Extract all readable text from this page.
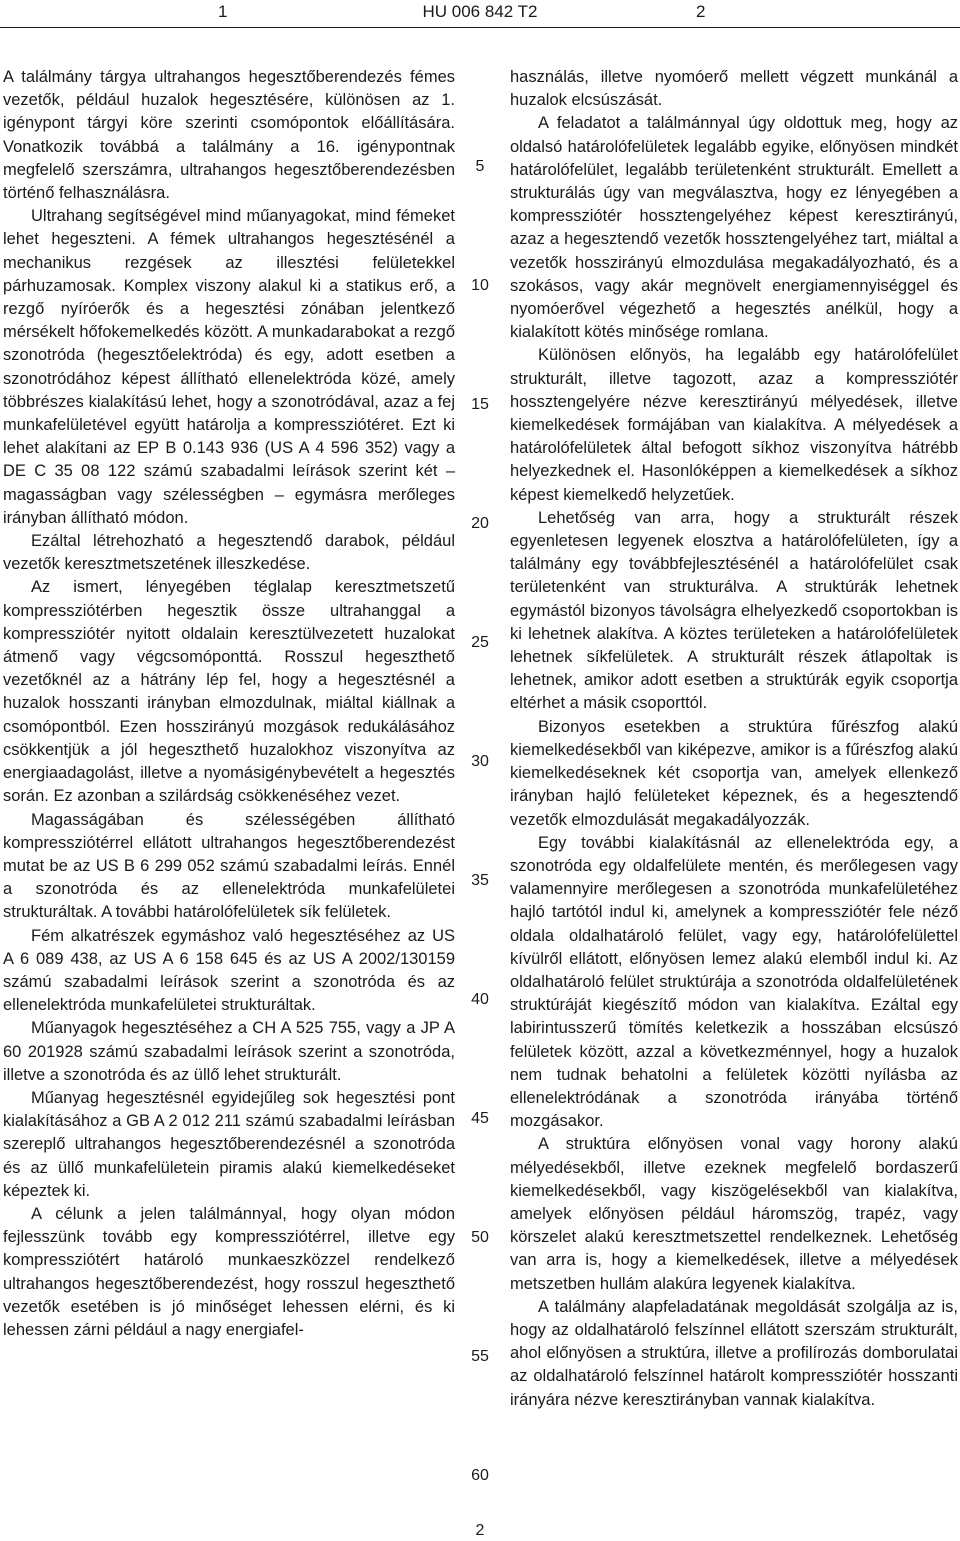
1	HU 006 842 T2	2

A találmány tárgya ultrahangos hegesztőberendezés fémes vezetők, például huzalok hegesztésére, különösen az 1. igénypont tárgyi köre szerinti csomópontok előállítására. Vonatkozik továbbá a találmány a 16. igénypontnak megfelelő szerszámra, ultrahangos hegesztőberendezésben történő felhasználásra.

Ultrahang segítségével mind műanyagokat, mind fémeket lehet hegeszteni. A fémek ultrahangos hegesztésénél a mechanikus rezgések az illesztési felületekkel párhuzamosak. Komplex viszony alakul ki a statikus erő, a rezgő nyíróerők és a hegesztési zónában jelentkező mérsékelt hőfokemelkedés között. A munkadarabokat a rezgő szonotróda (hegesztőelektróda) és egy, adott esetben a szonotródához képest állítható ellenelektróda közé, amely többrészes kialakítású lehet, hogy a szonotródával, azaz a fej munkafelületével együtt határolja a kompressziótéret. Ezt ki lehet alakítani az EP B 0.143 936 (US A 4 596 352) vagy a DE C 35 08 122 számú szabadalmi leírások szerint két – magasságban vagy szélességben – egymásra merőleges irányban állítható módon.

Ezáltal létrehozható a hegesztendő darabok, például vezetők keresztmetszetének illeszkedése.

Az ismert, lényegében téglalap keresztmetszetű kompressziótérben hegesztik össze ultrahanggal a kompressziótér nyitott oldalain keresztülvezetett huzalokat átmenő vagy végcsomóponttá. Rosszul hegeszthető vezetőknél az a hátrány lép fel, hogy a hegesztésnél a huzalok hosszanti irányban elmozdulnak, miáltal kiállnak a csomópontból. Ezen hosszirányú mozgások redukálásához csökkentjük a jól hegeszthető huzalokhoz viszonyítva az energiaadagolást, illetve a nyomásigénybevételt a hegesztés során. Ez azonban a szilárdság csökkenéséhez vezet.

Magasságában és szélességében állítható kompressziótérrel ellátott ultrahangos hegesztőberendezést mutat be az US B 6 299 052 számú szabadalmi leírás. Ennél a szonotróda és az ellenelektróda munkafelületei strukturáltak. A további határolófelületek sík felületek.

Fém alkatrészek egymáshoz való hegesztéséhez az US A 6 089 438, az US A 6 158 645 és az US A 2002/130159 számú szabadalmi leírások szerint a szonotróda és az ellenelektróda munkafelületei strukturáltak.

Műanyagok hegesztéséhez a CH A 525 755, vagy a JP A 60 201928 számú szabadalmi leírások szerint a szonotróda, illetve a szonotróda és az üllő lehet strukturált.

Műanyag hegesztésnél egyidejűleg sok hegesztési pont kialakításához a GB A 2 012 211 számú szabadalmi leírásban szereplő ultrahangos hegesztőberendezésnél a szonotróda és az üllő munkafelületein piramis alakú kiemelkedéseket képeztek ki.

A célunk a jelen találmánnyal, hogy olyan módon fejlesszünk tovább egy kompressziótérrel, illetve egy kompressziótért határoló munkaeszközzel rendelkező ultrahangos hegesztőberendezést, hogy rosszul hegeszthető vezetők esetében is jó minőséget lehessen elérni, és ki lehessen zárni például a nagy energiafel-

5
10
15
20
25
30
35
40
45
50
55
60

használás, illetve nyomóerő mellett végzett munkánál a huzalok elcsúszását.

A feladatot a találmánnyal úgy oldottuk meg, hogy az oldalsó határolófelületek legalább egyike, előnyösen mindkét határolófelület, legalább területenként strukturált. Emellett a strukturálás úgy van megválasztva, hogy ez lényegében a kompressziótér hossztengelyéhez képest keresztirányú, azaz a hegesztendő vezetők hossztengelyéhez tart, miáltal a vezetők hosszirányú elmozdulása megakadályozható, és a szokásos, vagy akár megnövelt energiamennyiséggel és nyomóerővel végezhető a hegesztés anélkül, hogy a kialakított kötés minősége romlana.

Különösen előnyös, ha legalább egy határolófelület strukturált, illetve tagozott, azaz a kompressziótér hossztengelyére nézve keresztirányú mélyedések, illetve kiemelkedések formájában van kialakítva. A mélyedések a határolófelületek által befogott síkhoz viszonyítva hátrébb helyezkednek el. Hasonlóképpen a kiemelkedések a síkhoz képest kiemelkedő helyzetűek.

Lehetőség van arra, hogy a strukturált részek egyenletesen legyenek elosztva a határolófelületen, így a találmány egy továbbfejlesztésénél a határolófelület csak területenként van strukturálva. A struktúrák lehetnek egymástól bizonyos távolságra elhelyezkedő csoportokban is ki lehetnek alakítva. A köztes területeken a határolófelületek lehetnek síkfelületek. A strukturált részek átlapoltak is lehetnek, amikor adott esetben a struktúrák egyik csoportja eltérhet a másik csoporttól.

Bizonyos esetekben a struktúra fűrészfog alakú kiemelkedésekből van kiképezve, amikor is a fűrészfog alakú kiemelkedéseknek két csoportja van, amelyek ellenkező irányban hajló felületeket képeznek, és a hegesztendő vezetők elmozdulását megakadályozzák.

Egy további kialakításnál az ellenelektróda egy, a szonotróda egy oldalfelülete mentén, és merőlegesen vagy valamennyire merőlegesen a szonotróda munkafelületéhez hajló tartótól indul ki, amelynek a kompressziótér fele néző oldala oldalhatároló felület, vagy egy, határolófelülettel kívülről ellátott, előnyösen lemez alakú elemből indul ki. Az oldalhatároló felület struktúrája a szonotróda oldalfelületének struktúráját kiegészítő módon van kialakítva. Ezáltal egy labirintusszerű tömítés keletkezik a hosszában elcsúszó felületek között, azzal a következménnyel, hogy a huzalok nem tudnak behatolni a felületek közötti nyílásba az ellenelektródának a szonotróda irányába történő mozgásakor.

A struktúra előnyösen vonal vagy horony alakú mélyedésekből, illetve ezeknek megfelelő bordaszerű kiemelkedésekből, vagy kiszögelésekből van kialakítva, amelyek előnyösen például háromszög, trapéz, vagy körszelet alakú keresztmetszettel rendelkeznek. Lehetőség van arra is, hogy a kiemelkedések, illetve a mélyedések metszetben hullám alakúra legyenek kialakítva.

A találmány alapfeladatának megoldását szolgálja az is, hogy az oldalhatároló felszínnel ellátott szerszám strukturált, ahol előnyösen a struktúra, illetve a profilírozás domborulatai az oldalhatároló felszínnel határolt kompressziótér hosszanti irányára nézve keresztirányban vannak kialakítva.

2
